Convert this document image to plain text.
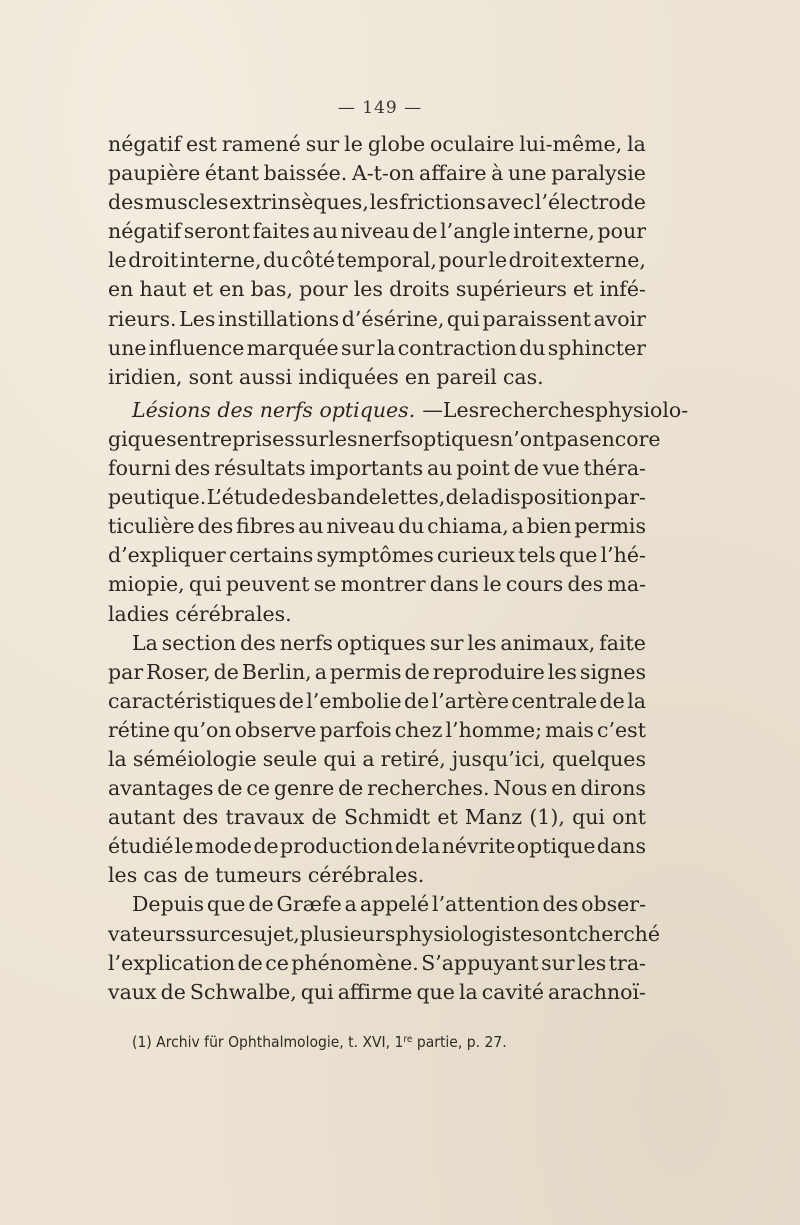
— 149 —
négatif est ramené sur le globe oculaire lui-même, la
paupière étant baissée. A-t-on affaire à une paralysie
des muscles extrinsèques, les frictions avec l’électrode
négatif seront faites au niveau de l’angle interne, pour
le droit interne, du côté temporal, pour le droit externe,
en haut et en bas, pour les droits supérieurs et infé-
rieurs. Les instillations d’ésérine, qui paraissent avoir
une influence marquée sur la contraction du sphincter
iridien, sont aussi indiquées en pareil cas.
Lésions des nerfs optiques. — Les recherches physiolo-
giques entreprises sur les nerfs optiques n’ont pas encore
fourni des résultats importants au point de vue théra-
peutique. L’étude des bandelettes, de la disposition par-
ticulière des fibres au niveau du chiama, a bien permis
d’expliquer certains symptômes curieux tels que l’hé-
miopie, qui peuvent se montrer dans le cours des ma-
ladies cérébrales.
La section des nerfs optiques sur les animaux, faite
par Roser, de Berlin, a permis de reproduire les signes
caractéristiques de l’embolie de l’artère centrale de la
rétine qu’on observe parfois chez l’homme; mais c’est
la séméiologie seule qui a retiré, jusqu’ici, quelques
avantages de ce genre de recherches. Nous en dirons
autant des travaux de Schmidt et Manz (1), qui ont
étudié le mode de production de la névrite optique dans
les cas de tumeurs cérébrales.
Depuis que de Græfe a appelé l’attention des obser-
vateurs sur ce sujet, plusieurs physiologistes ont cherché
l’explication de ce phénomène. S’appuyant sur les tra-
vaux de Schwalbe, qui affirme que la cavité arachnoï-
(1) Archiv für Ophthalmologie, t. XVI, 1re partie, p. 27.
